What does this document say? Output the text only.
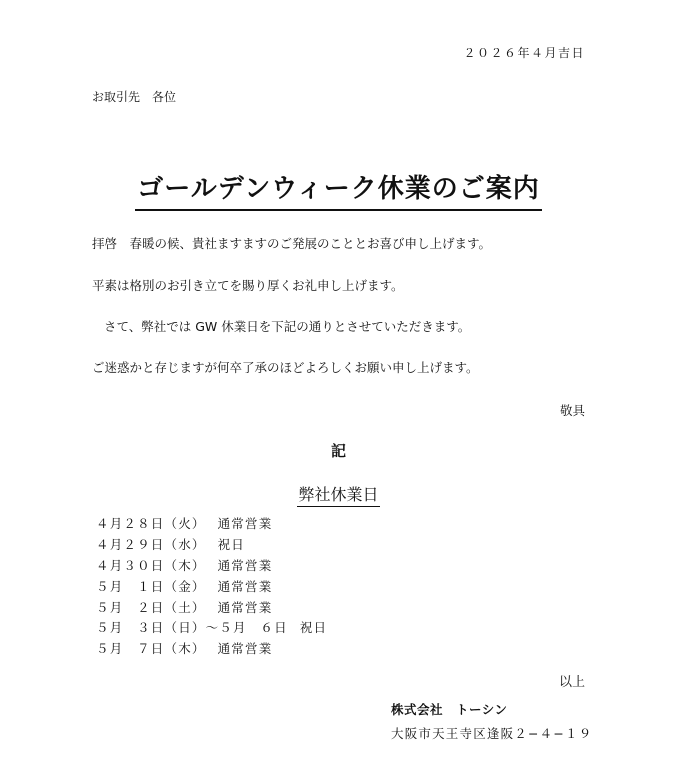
２０２６年４月吉日
お取引先　各位
ゴールデンウィーク休業のご案内
拝啓　春暖の候、貴社ますますのご発展のこととお喜び申し上げます。
平素は格別のお引き立てを賜り厚くお礼申し上げます。
さて、弊社では GW 休業日を下記の通りとさせていただきます。
ご迷惑かと存じますが何卒了承のほどよろしくお願い申し上げます。
敬具
記
弊社休業日
４月２８日（火） 通常営業
４月２９日（水） 祝日
４月３０日（木） 通常営業
５月　１日（金） 通常営業
５月　２日（土） 通常営業
５月　３日（日）～５月　６日 祝日
５月　７日（木） 通常営業
以上
株式会社　トーシン
大阪市天王寺区逢阪２−４−１９
